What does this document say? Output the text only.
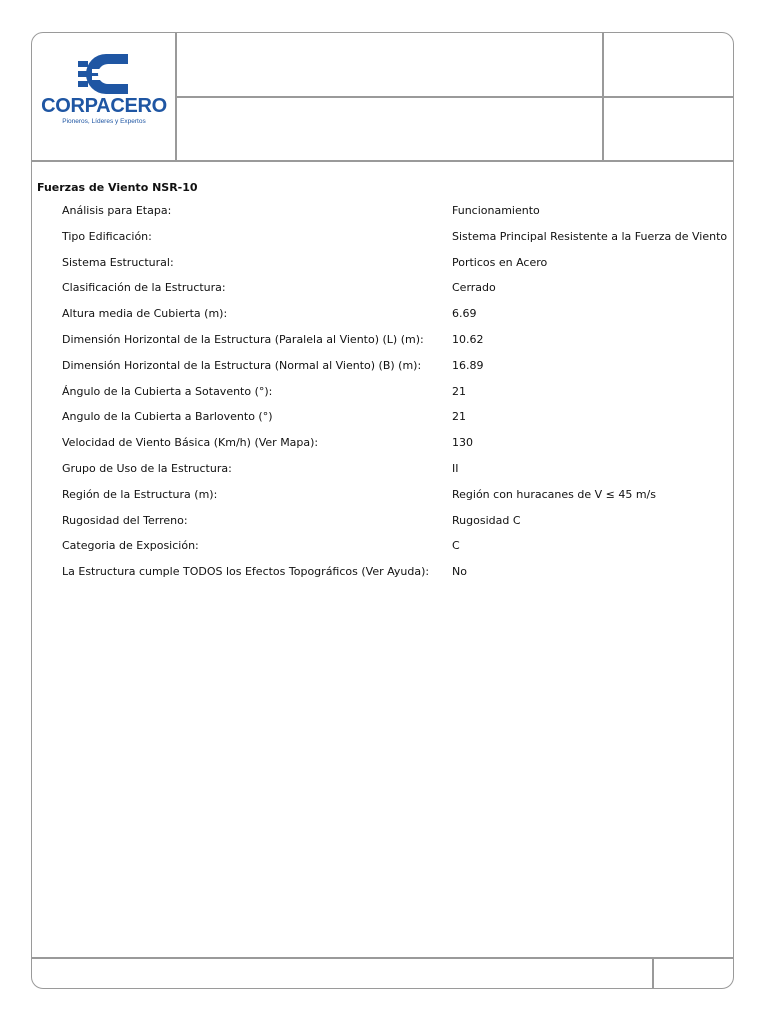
CORPACERO
Pioneros, Líderes y Expertos
Fuerzas de Viento NSR-10
Análisis para Etapa:	Funcionamiento
Tipo Edificación:	Sistema Principal Resistente a la Fuerza de Viento
Sistema Estructural:	Porticos en Acero
Clasificación de la Estructura:	Cerrado
Altura media de Cubierta (m):	6.69
Dimensión Horizontal de la Estructura (Paralela al Viento) (L) (m):	10.62
Dimensión Horizontal de la Estructura (Normal al Viento) (B) (m):	16.89
Ángulo de la Cubierta a Sotavento (°):	21
Angulo de la Cubierta a Barlovento (°)	21
Velocidad de Viento Básica (Km/h) (Ver Mapa):	130
Grupo de Uso de la Estructura:	II
Región de la Estructura (m):	Región con huracanes de V ≤ 45 m/s
Rugosidad del Terreno:	Rugosidad C
Categoria de Exposición:	C
La Estructura cumple TODOS los Efectos Topográficos (Ver Ayuda): No
